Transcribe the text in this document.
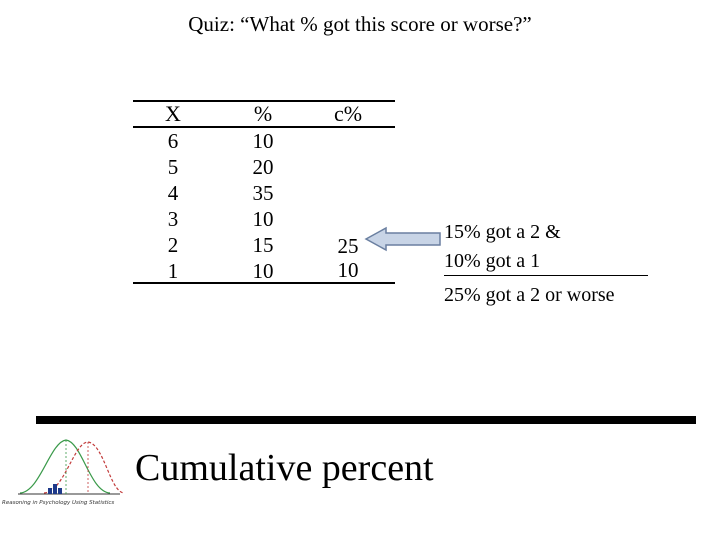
Quiz: “What % got this score or worse?”
X
6
5
4
3
2
1
%
10
20
35
10
15
10
c%
25
10
15% got a 2 &
10% got a 1
25% got a 2 or worse
Reasoning in Psychology Using Statistics
Cumulative percent
